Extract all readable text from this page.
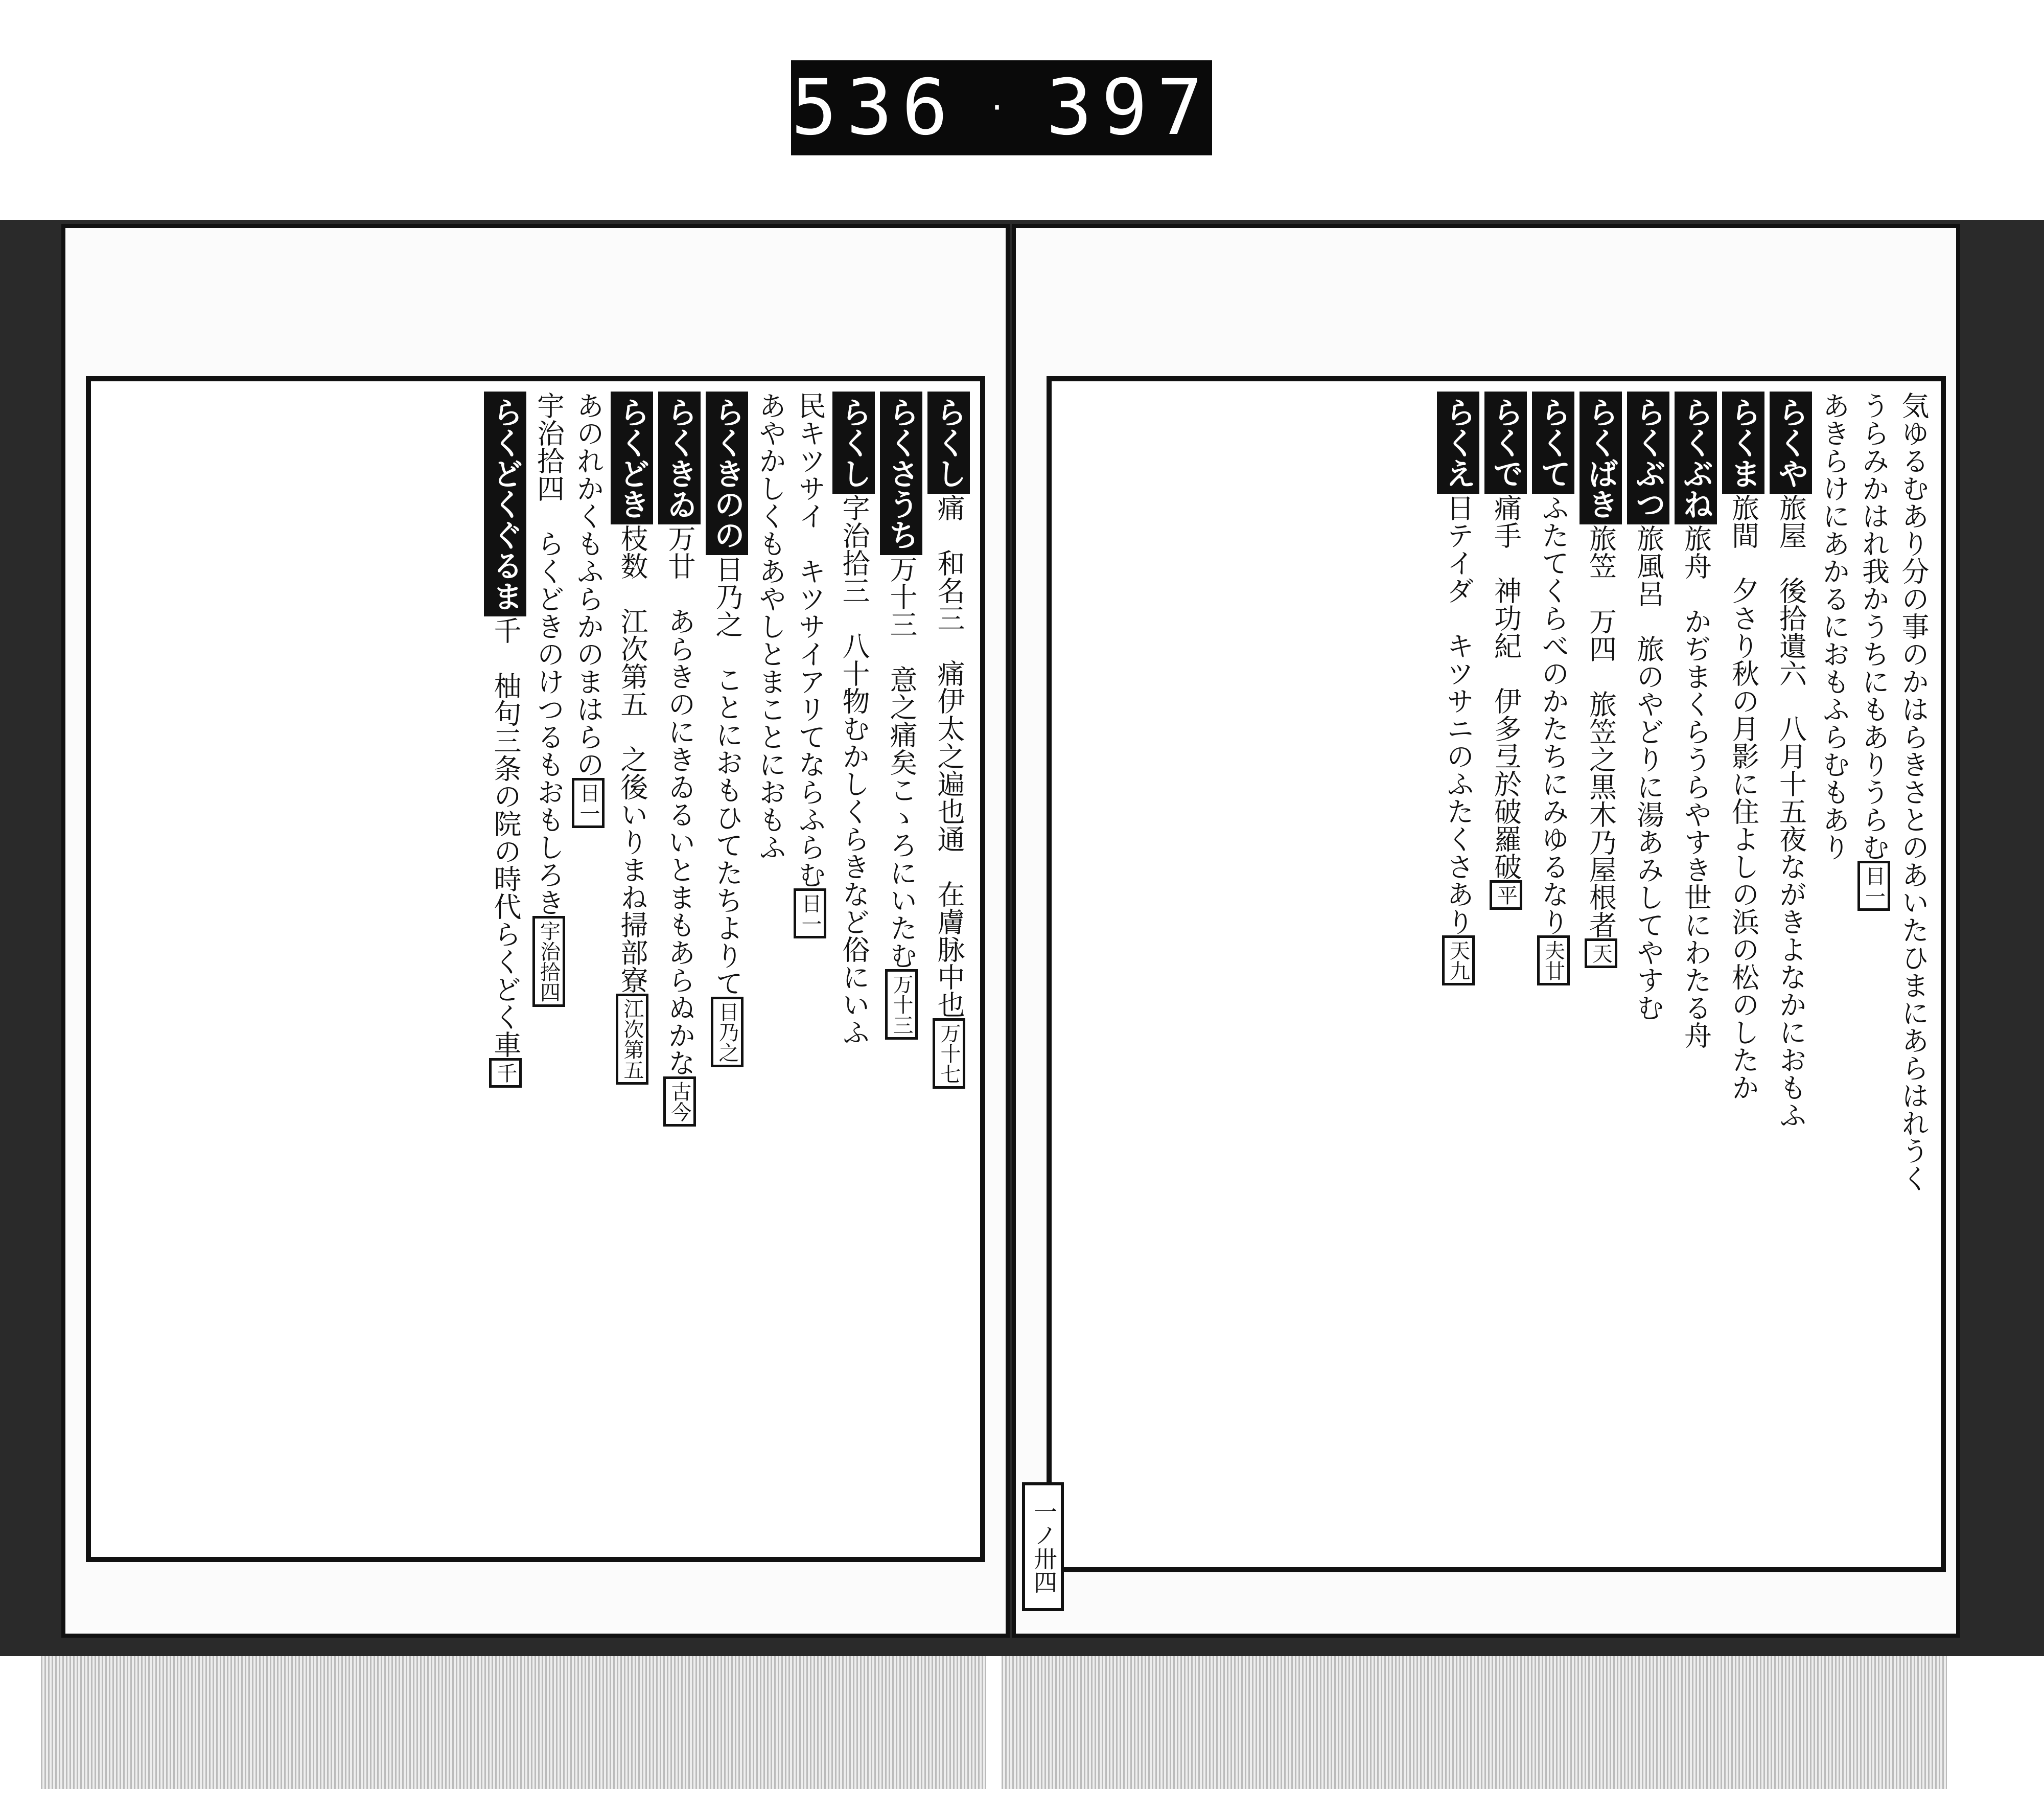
536 · 397
らくし痛　和名三　痛伊太之遍也通　在膚脉中也万十七
らくさうち万十三　意之痛矣こゝろにいたむ万十三
らくし字治拾三　八十物むかしくらきなど俗にいふ
民キツサイ　キツサイアリてならふらむ日一
あやかしくもあやしとまことにおもふ
らくきのの日乃之　ことにおもひてたちよりて日乃之
らくきゐ万廿　あらきのにきゐるいとまもあらぬかな古今
らくどき枝数　江次第五　之後いりまね掃部寮江次第五
あのれかくもふらかのまはらの日一
宇治拾四　らくどきのけつるもおもしろき宇治拾四
らくどくぐるま千　柚句三条の院の時代らくどく車千	気ゆるむあり分の事のかはらきさとのあいたひまにあらはれうく
うらみかはれ我かうちにもありうらむ日一
あきらけにあかるにおもふらむもあり
らくや旅屋　後拾遺六　八月十五夜ながきよなかにおもふ
らくま旅間　夕さり秋の月影に住よしの浜の松のしたか
らくぶね旅舟　かぢまくらうらやすき世にわたる舟
らくぶつ旅風呂　旅のやどりに湯あみしてやすむ
らくばき旅笠　万四　旅笠之黒木乃屋根者天
らくてふたてくらべのかたちにみゆるなり夫廿
らくで痛手　神功紀　伊多弖於破羅破平
らくえ日テイダ　キツサニのふたくさあり天九
一ノ卅四
